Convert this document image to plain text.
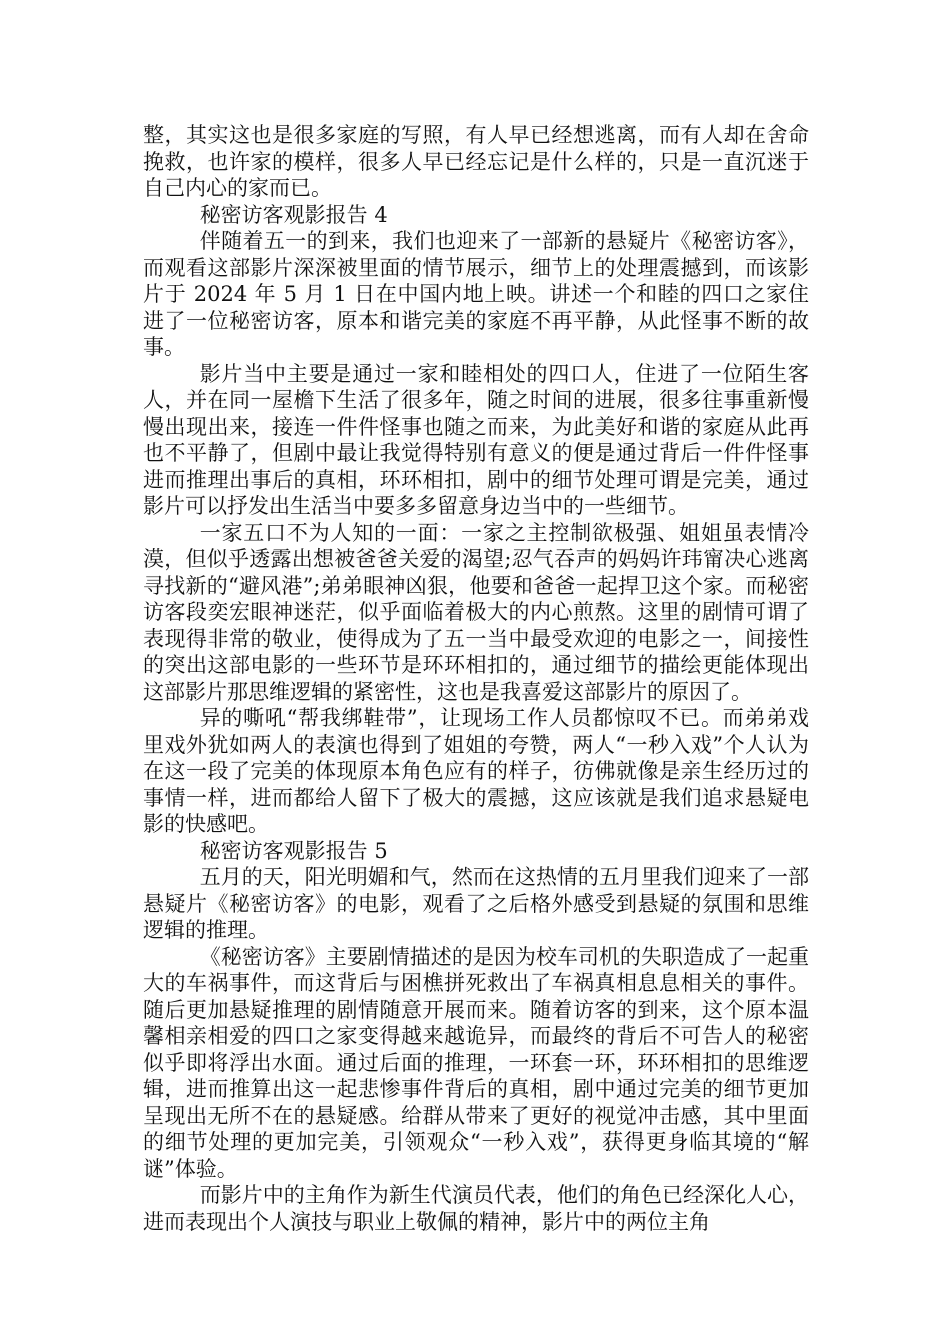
整，其实这也是很多家庭的写照，有人早已经想逃离，而有人却在舍命挽救，也许家的模样，很多人早已经忘记是什么样的，只是一直沉迷于自己内心的家而已。

秘密访客观影报告 4

伴随着五一的到来，我们也迎来了一部新的悬疑片《秘密访客》，而观看这部影片深深被里面的情节展示，细节上的处理震撼到，而该影片于 2024 年 5 月 1 日在中国内地上映。讲述一个和睦的四口之家住进了一位秘密访客，原本和谐完美的家庭不再平静，从此怪事不断的故事。

影片当中主要是通过一家和睦相处的四口人，住进了一位陌生客人，并在同一屋檐下生活了很多年，随之时间的进展，很多往事重新慢慢出现出来，接连一件件怪事也随之而来，为此美好和谐的家庭从此再也不平静了，但剧中最让我觉得特别有意义的便是通过背后一件件怪事进而推理出事后的真相，环环相扣，剧中的细节处理可谓是完美，通过影片可以抒发出生活当中要多多留意身边当中的一些细节。

一家五口不为人知的一面：一家之主控制欲极强、姐姐虽表情冷漠，但似乎透露出想被爸爸关爱的渴望;忍气吞声的妈妈许玮甯决心逃离寻找新的“避风港”;弟弟眼神凶狠，他要和爸爸一起捍卫这个家。而秘密访客段奕宏眼神迷茫，似乎面临着极大的内心煎熬。这里的剧情可谓了表现得非常的敬业，使得成为了五一当中最受欢迎的电影之一，间接性的突出这部电影的一些环节是环环相扣的，通过细节的描绘更能体现出这部影片那思维逻辑的紧密性，这也是我喜爱这部影片的原因了。

异的嘶吼“帮我绑鞋带”，让现场工作人员都惊叹不已。而弟弟戏里戏外犹如两人的表演也得到了姐姐的夸赞，两人“一秒入戏”个人认为在这一段了完美的体现原本角色应有的样子，彷佛就像是亲生经历过的事情一样，进而都给人留下了极大的震撼，这应该就是我们追求悬疑电影的快感吧。

秘密访客观影报告 5

五月的天，阳光明媚和气，然而在这热情的五月里我们迎来了一部悬疑片《秘密访客》的电影，观看了之后格外感受到悬疑的氛围和思维逻辑的推理。

《秘密访客》主要剧情描述的是因为校车司机的失职造成了一起重大的车祸事件，而这背后与困樵拼死救出了车祸真相息息相关的事件。随后更加悬疑推理的剧情随意开展而来。随着访客的到来，这个原本温馨相亲相爱的四口之家变得越来越诡异，而最终的背后不可告人的秘密似乎即将浮出水面。通过后面的推理，一环套一环，环环相扣的思维逻辑，进而推算出这一起悲惨事件背后的真相，剧中通过完美的细节更加呈现出无所不在的悬疑感。给群从带来了更好的视觉冲击感，其中里面的细节处理的更加完美，引领观众“一秒入戏”，获得更身临其境的“解谜”体验。

而影片中的主角作为新生代演员代表，他们的角色已经深化人心，进而表现出个人演技与职业上敬佩的精神，影片中的两位主角
